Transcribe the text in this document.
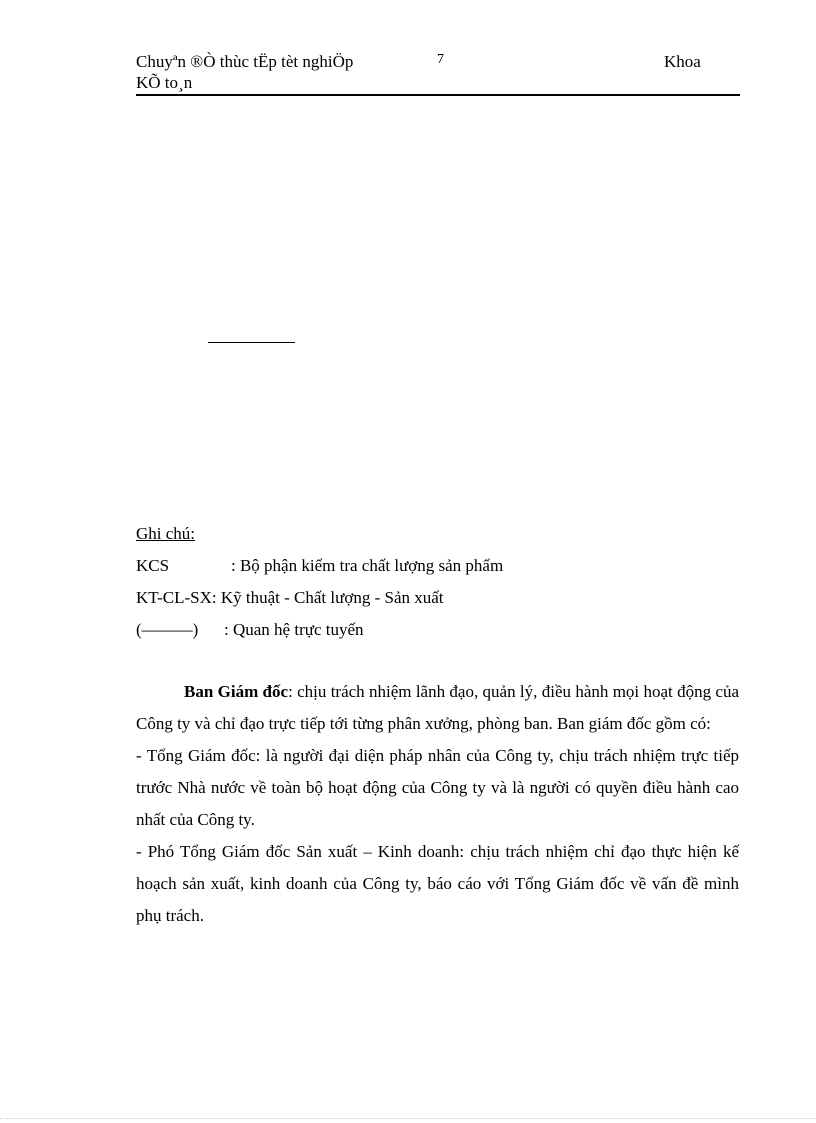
Chuyªn ®Ò thùc tËp tèt nghiÖp	7	Khoa
KÕ to¸n
Ghi chú:
KCS	: Bộ phận kiểm tra chất lượng sản phẩm
KT-CL-SX: Kỹ thuật - Chất lượng - Sản xuất
(———) : Quan hệ trực tuyến

Ban Giám đốc: chịu trách nhiệm lãnh đạo, quản lý, điều hành mọi hoạt động của Công ty và chỉ đạo trực tiếp tới từng phân xưởng, phòng ban. Ban giám đốc gồm có:

- Tổng Giám đốc: là người đại diện pháp nhân của Công ty, chịu trách nhiệm trực tiếp trước Nhà nước về toàn bộ hoạt động của Công ty và là người có quyền điều hành cao nhất của Công ty.

- Phó Tổng Giám đốc Sản xuất – Kinh doanh: chịu trách nhiệm chỉ đạo thực hiện kế hoạch sản xuất, kinh doanh của Công ty, báo cáo với Tổng Giám đốc về vấn đề mình phụ trách.
